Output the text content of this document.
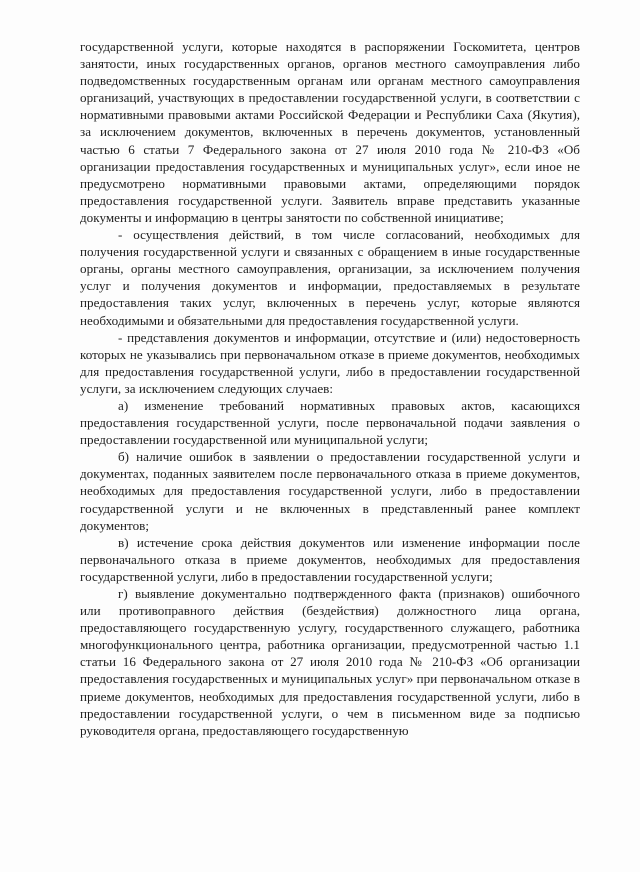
государственной услуги, которые находятся в распоряжении Госкомитета, центров занятости, иных государственных органов, органов местного самоуправления либо подведомственных государственным органам или органам местного самоуправления организаций, участвующих в предоставлении государственной услуги, в соответствии с нормативными правовыми актами Российской Федерации и Республики Саха (Якутия), за исключением документов, включенных в перечень документов, установленный частью 6 статьи 7 Федерального закона от 27 июля 2010 года № 210-ФЗ «Об организации предоставления государственных и муниципальных услуг», если иное не предусмотрено нормативными правовыми актами, определяющими порядок предоставления государственной услуги. Заявитель вправе представить указанные документы и информацию в центры занятости по собственной инициативе;

- осуществления действий, в том числе согласований, необходимых для получения государственной услуги и связанных с обращением в иные государственные органы, органы местного самоуправления, организации, за исключением получения услуг и получения документов и информации, предоставляемых в результате предоставления таких услуг, включенных в перечень услуг, которые являются необходимыми и обязательными для предоставления государственной услуги.

- представления документов и информации, отсутствие и (или) недостоверность которых не указывались при первоначальном отказе в приеме документов, необходимых для предоставления государственной услуги, либо в предоставлении государственной услуги, за исключением следующих случаев:

а) изменение требований нормативных правовых актов, касающихся предоставления государственной услуги, после первоначальной подачи заявления о предоставлении государственной или муниципальной услуги;

б) наличие ошибок в заявлении о предоставлении государственной услуги и документах, поданных заявителем после первоначального отказа в приеме документов, необходимых для предоставления государственной услуги, либо в предоставлении государственной услуги и не включенных в представленный ранее комплект документов;

в) истечение срока действия документов или изменение информации после первоначального отказа в приеме документов, необходимых для предоставления государственной услуги, либо в предоставлении государственной услуги;

г) выявление документально подтвержденного факта (признаков) ошибочного или противоправного действия (бездействия) должностного лица органа, предоставляющего государственную услугу, государственного служащего, работника многофункционального центра, работника организации, предусмотренной частью 1.1 статьи 16 Федерального закона от 27 июля 2010 года № 210-ФЗ «Об организации предоставления государственных и муниципальных услуг» при первоначальном отказе в приеме документов, необходимых для предоставления государственной услуги, либо в предоставлении государственной услуги, о чем в письменном виде за подписью руководителя органа, предоставляющего государственную
